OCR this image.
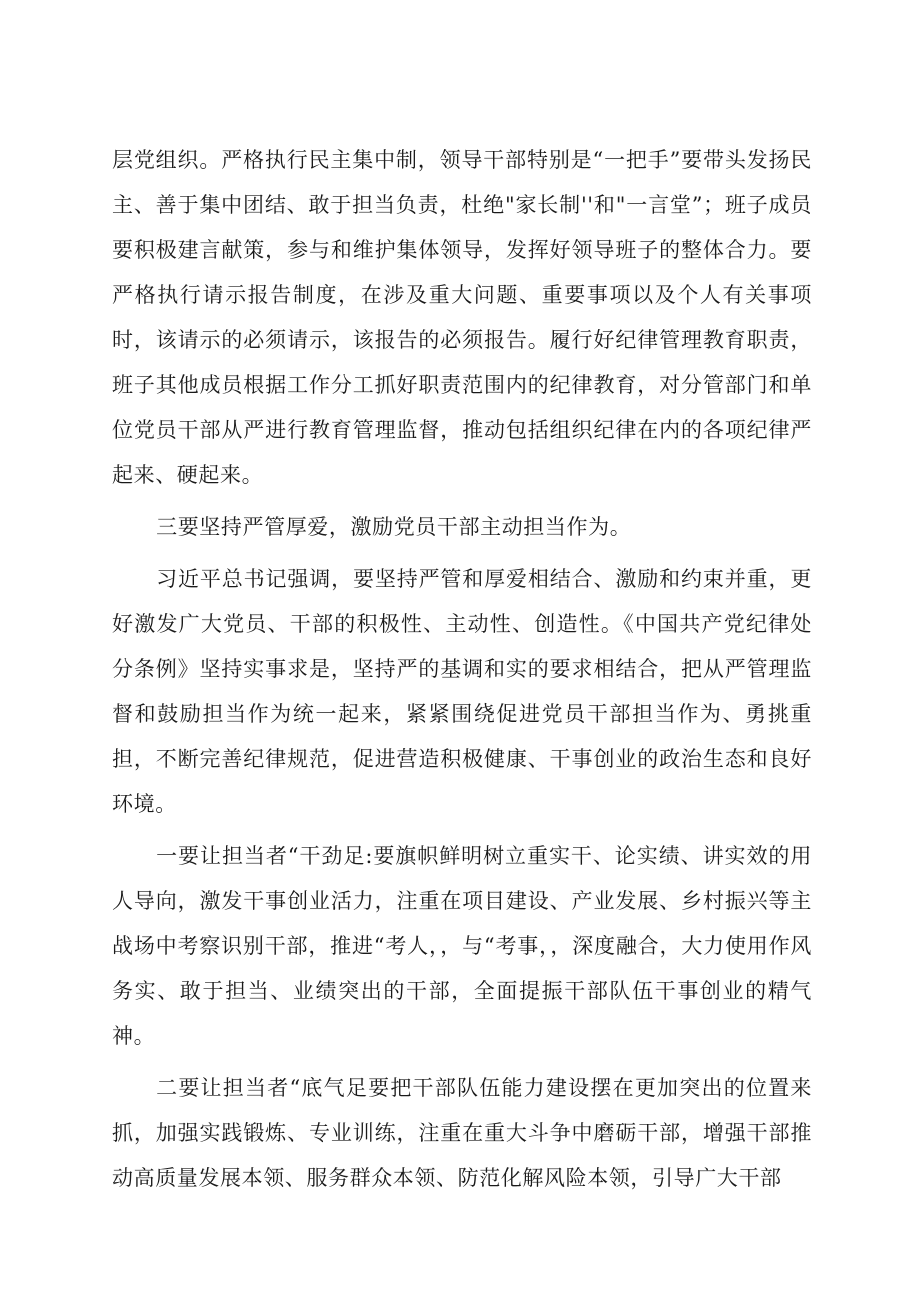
层党组织。严格执行民主集中制，领导干部特别是“一把手”要带头发扬民主、善于集中团结、敢于担当负责，杜绝"家长制''和"一言堂”；班子成员要积极建言献策，参与和维护集体领导，发挥好领导班子的整体合力。要严格执行请示报告制度，在涉及重大问题、重要事项以及个人有关事项时，该请示的必须请示，该报告的必须报告。履行好纪律管理教育职责，班子其他成员根据工作分工抓好职责范围内的纪律教育，对分管部门和单位党员干部从严进行教育管理监督，推动包括组织纪律在内的各项纪律严起来、硬起来。

三要坚持严管厚爱，激励党员干部主动担当作为。

习近平总书记强调，要坚持严管和厚爱相结合、激励和约束并重，更好激发广大党员、干部的积极性、主动性、创造性。《中国共产党纪律处分条例》坚持实事求是，坚持严的基调和实的要求相结合，把从严管理监督和鼓励担当作为统一起来，紧紧围绕促进党员干部担当作为、勇挑重担，不断完善纪律规范，促进营造积极健康、干事创业的政治生态和良好环境。

一要让担当者“干劲足:要旗帜鲜明树立重实干、论实绩、讲实效的用人导向，激发干事创业活力，注重在项目建设、产业发展、乡村振兴等主战场中考察识别干部，推进“考人，，与“考事，，深度融合，大力使用作风务实、敢于担当、业绩突出的干部，全面提振干部队伍干事创业的精气神。

二要让担当者“底气足要把干部队伍能力建设摆在更加突出的位置来抓，加强实践锻炼、专业训练，注重在重大斗争中磨砺干部，增强干部推动高质量发展本领、服务群众本领、防范化解风险本领，引导广大干部
